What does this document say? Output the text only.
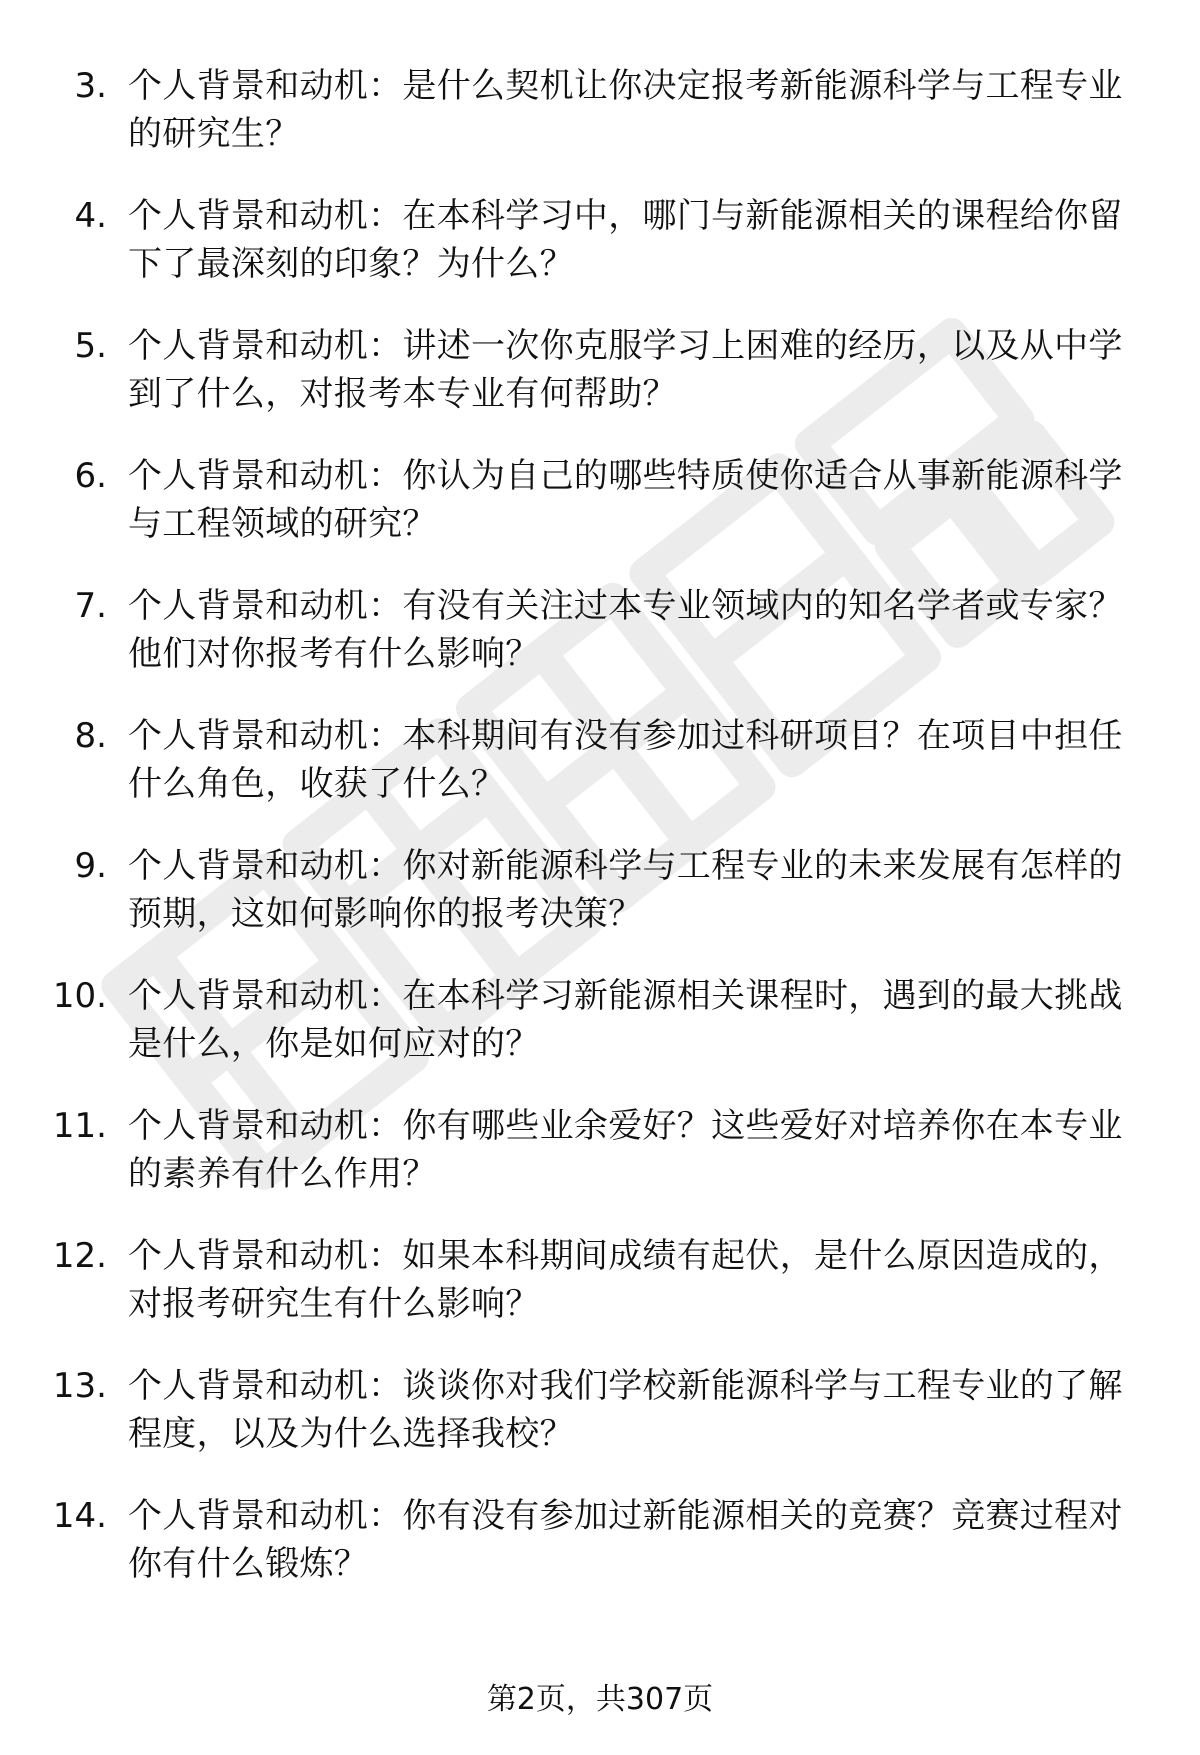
3. 个人背景和动机：是什么契机让你决定报考新能源科学与工程专业的研究生？
4. 个人背景和动机：在本科学习中，哪门与新能源相关的课程给你留下了最深刻的印象？为什么？
5. 个人背景和动机：讲述一次你克服学习上困难的经历，以及从中学到了什么，对报考本专业有何帮助？
6. 个人背景和动机：你认为自己的哪些特质使你适合从事新能源科学与工程领域的研究？
7. 个人背景和动机：有没有关注过本专业领域内的知名学者或专家？他们对你报考有什么影响？
8. 个人背景和动机：本科期间有没有参加过科研项目？在项目中担任什么角色，收获了什么？
9. 个人背景和动机：你对新能源科学与工程专业的未来发展有怎样的预期，这如何影响你的报考决策？
10. 个人背景和动机：在本科学习新能源相关课程时，遇到的最大挑战是什么，你是如何应对的？
11. 个人背景和动机：你有哪些业余爱好？这些爱好对培养你在本专业的素养有什么作用？
12. 个人背景和动机：如果本科期间成绩有起伏，是什么原因造成的，对报考研究生有什么影响？
13. 个人背景和动机：谈谈你对我们学校新能源科学与工程专业的了解程度，以及为什么选择我校？
14. 个人背景和动机：你有没有参加过新能源相关的竞赛？竞赛过程对你有什么锻炼？
第2页，共307页
